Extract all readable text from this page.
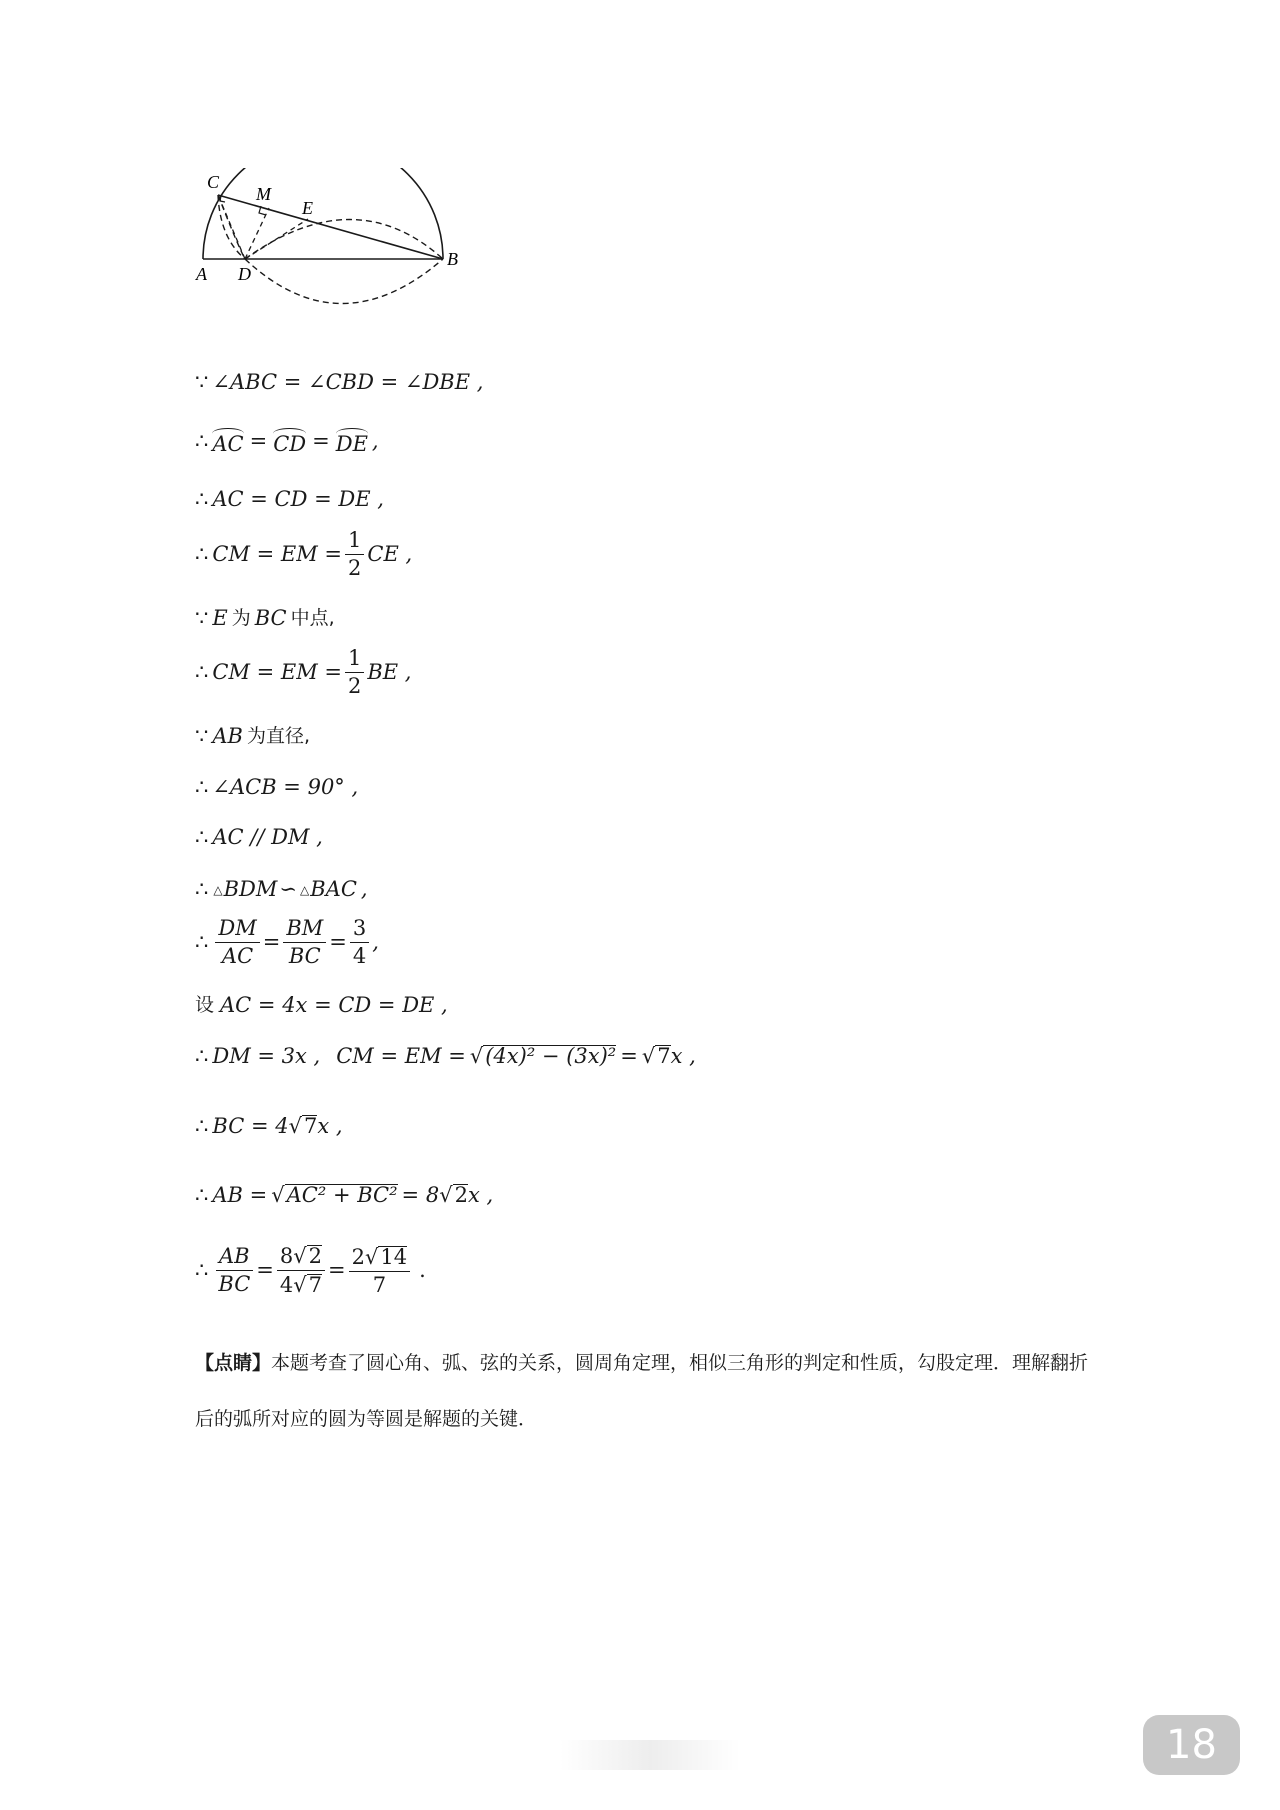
C
M
E
A D
B
∵ ∠ABC = ∠CBD = ∠DBE ,
∴ AC = CD = DE ,
∴ AC = CD = DE ,
∴ CM = EM = $\frac{1}{2}$ CE ,
∵ E 为 BC 中点,
∴ CM = EM = $\frac{1}{2}$ BE ,
∵ AB 为直径,
∴ ∠ACB = 90° ,
∴ AC // DM ,
∴ △ BDM ∽ △ BAC ,
∴ $\frac{DM}{AC} = \frac{BM}{BC} = \frac{3}{4}$ ,
设 AC = 4x = CD = DE ,
∴ DM = 3x , CM = EM = √ (4x)² − (3x)² = √ 7 x ,
∴ BC = 4 √ 7 x ,
∴ AB = √ AC² + BC² = 8 √ 2 x ,
∴ $\frac{AB}{BC} = \frac{8√2}{4√7} = \frac{2√14}{7}$ .
【点睛】本题考查了圆心角、弧、弦的关系，圆周角定理，相似三角形的判定和性质，勾股定理．理解翻折后的弧所对应的圆为等圆是解题的关键．
18
